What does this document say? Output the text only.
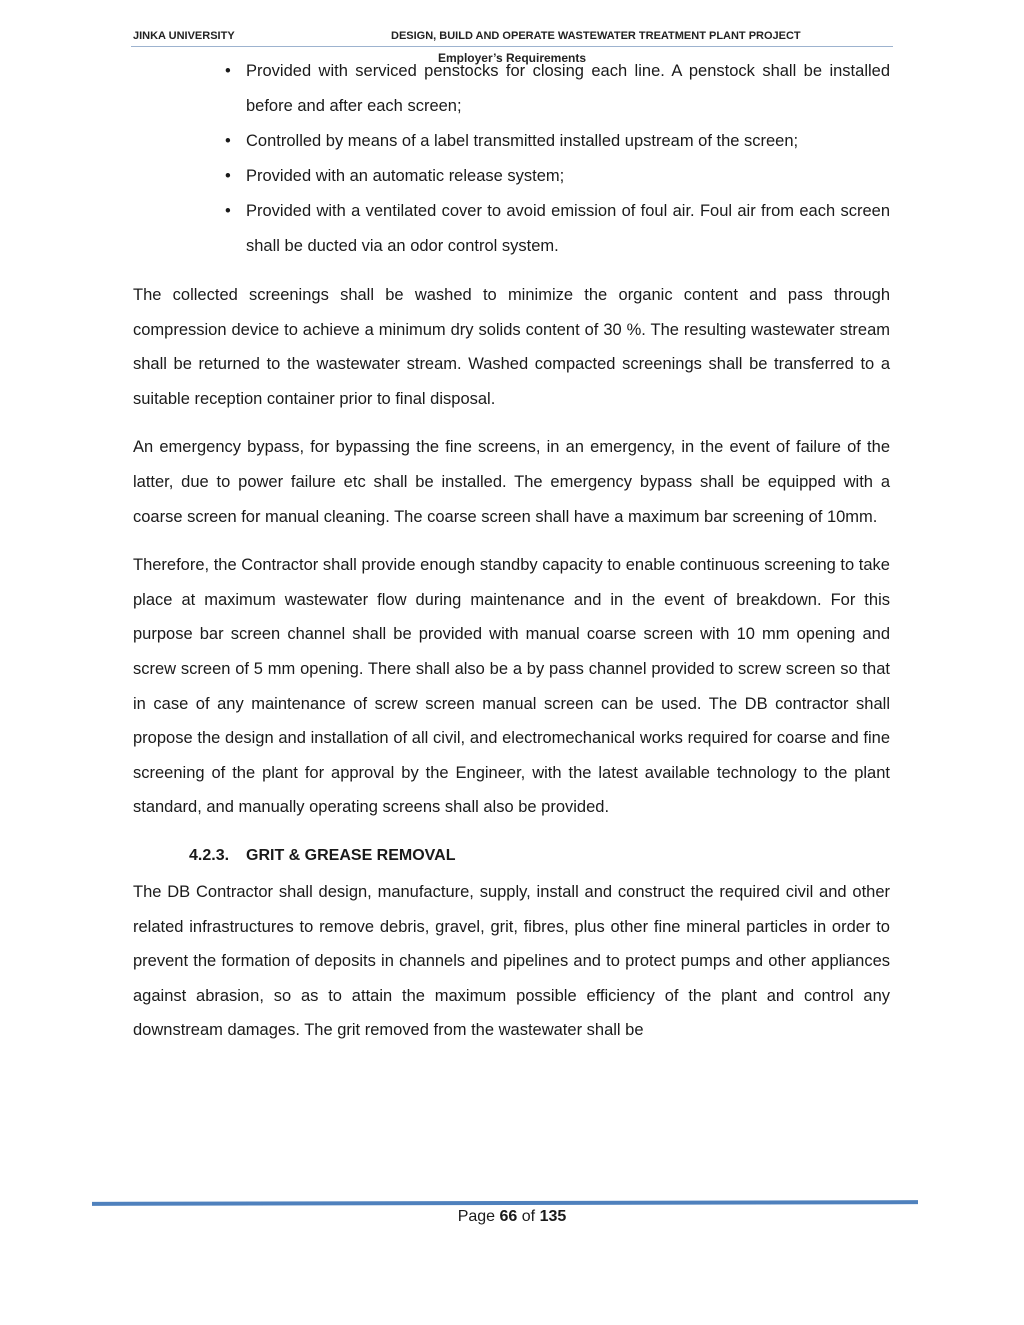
JINKA UNIVERSITY	DESIGN, BUILD AND OPERATE WASTEWATER TREATMENT PLANT PROJECT
Employer’s Requirements
• Provided with serviced penstocks for closing each line. A penstock shall be installed before and after each screen;
• Controlled by means of a label transmitted installed upstream of the screen;
• Provided with an automatic release system;
• Provided with a ventilated cover to avoid emission of foul air. Foul air from each screen shall be ducted via an odor control system.

The collected screenings shall be washed to minimize the organic content and pass through compression device to achieve a minimum dry solids content of 30 %. The resulting wastewater stream shall be returned to the wastewater stream. Washed compacted screenings shall be transferred to a suitable reception container prior to final disposal.

An emergency bypass, for bypassing the fine screens, in an emergency, in the event of failure of the latter, due to power failure etc shall be installed. The emergency bypass shall be equipped with a coarse screen for manual cleaning. The coarse screen shall have a maximum bar screening of 10mm.

Therefore, the Contractor shall provide enough standby capacity to enable continuous screening to take place at maximum wastewater flow during maintenance and in the event of breakdown. For this purpose bar screen channel shall be provided with manual coarse screen with 10 mm opening and screw screen of 5 mm opening. There shall also be a by pass channel provided to screw screen so that in case of any maintenance of screw screen manual screen can be used. The DB contractor shall propose the design and installation of all civil, and electromechanical works required for coarse and fine screening of the plant for approval by the Engineer, with the latest available technology to the plant standard, and manually operating screens shall also be provided.

4.2.3. GRIT & GREASE REMOVAL

The DB Contractor shall design, manufacture, supply, install and construct the required civil and other related infrastructures to remove debris, gravel, grit, fibres, plus other fine mineral particles in order to prevent the formation of deposits in channels and pipelines and to protect pumps and other appliances against abrasion, so as to attain the maximum possible efficiency of the plant and control any downstream damages. The grit removed from the wastewater shall be

Page 66 of 135
